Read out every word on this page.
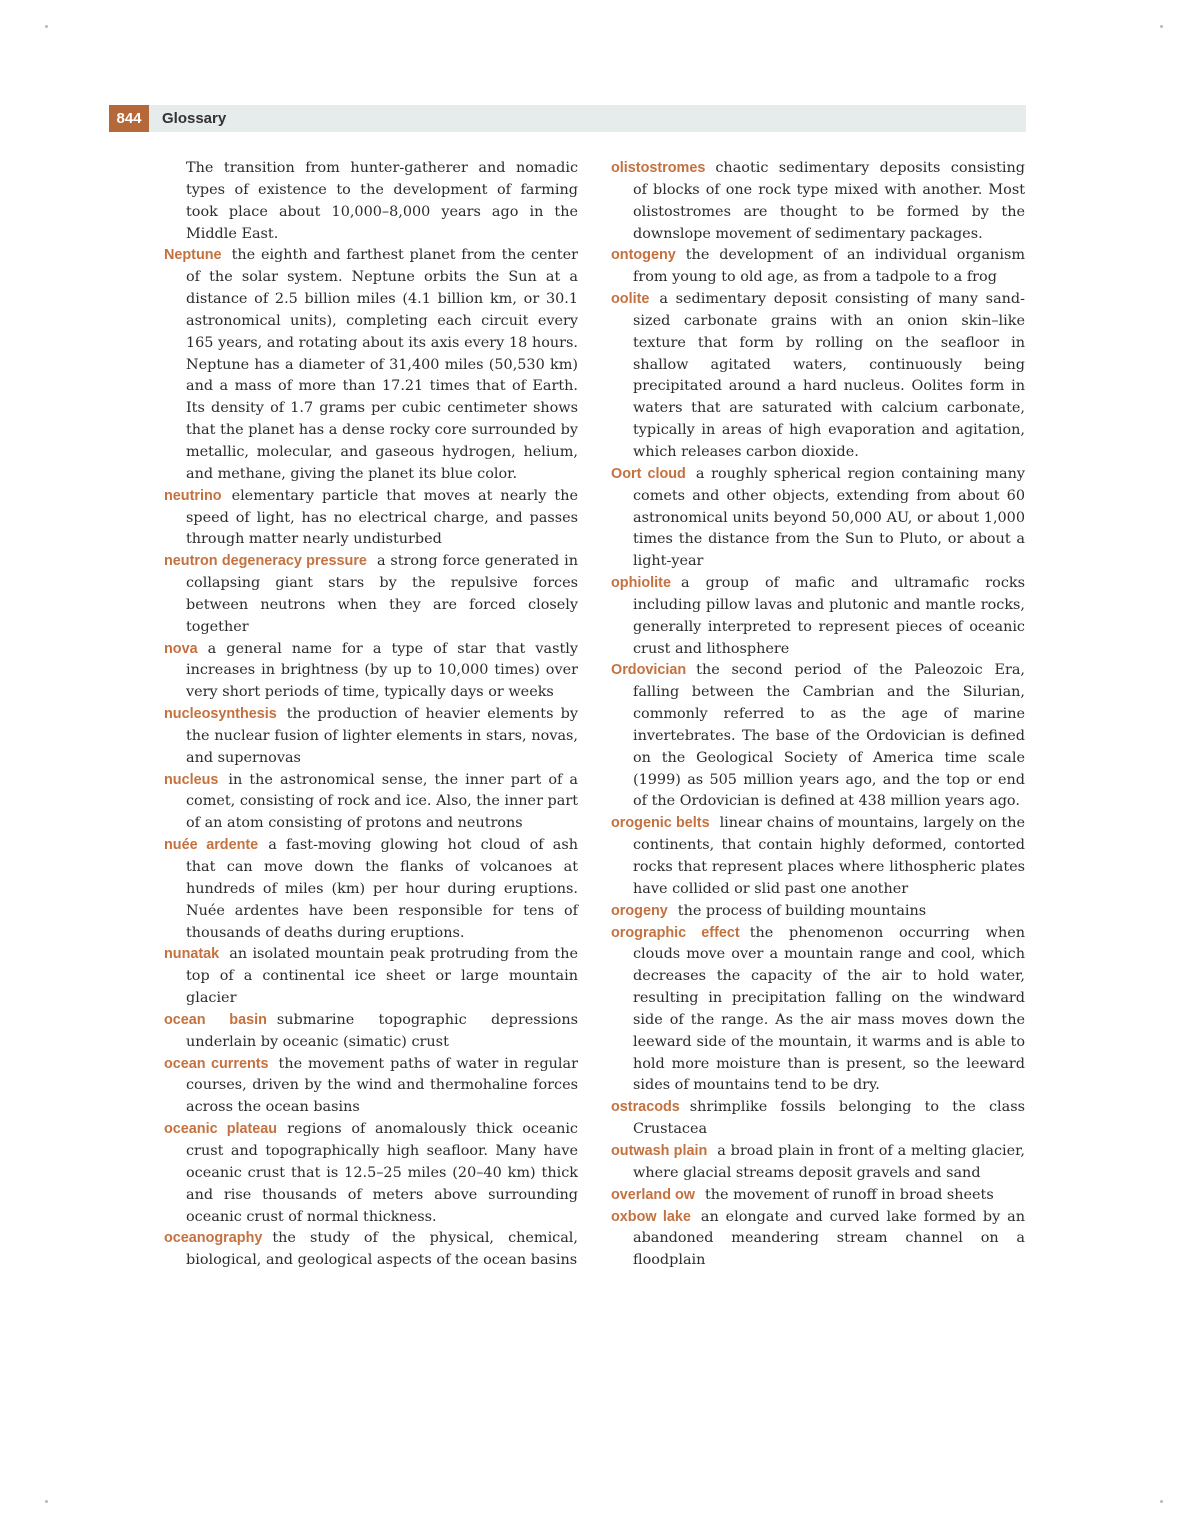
844	Glossary

The transition from hunter-gatherer and nomadic types of existence to the development of farming took place about 10,000–8,000 years ago in the Middle East.

Neptune the eighth and farthest planet from the center of the solar system. Neptune orbits the Sun at a distance of 2.5 billion miles (4.1 billion km, or 30.1 astronomical units), completing each circuit every 165 years, and rotating about its axis every 18 hours. Neptune has a diameter of 31,400 miles (50,530 km) and a mass of more than 17.21 times that of Earth. Its density of 1.7 grams per cubic centimeter shows that the planet has a dense rocky core surrounded by metallic, molecular, and gaseous hydrogen, helium, and methane, giving the planet its blue color.

neutrino elementary particle that moves at nearly the speed of light, has no electrical charge, and passes through matter nearly undisturbed

neutron degeneracy pressure a strong force generated in collapsing giant stars by the repulsive forces between neutrons when they are forced closely together

nova a general name for a type of star that vastly increases in brightness (by up to 10,000 times) over very short periods of time, typically days or weeks

nucleosynthesis the production of heavier elements by the nuclear fusion of lighter elements in stars, novas, and supernovas

nucleus in the astronomical sense, the inner part of a comet, consisting of rock and ice. Also, the inner part of an atom consisting of protons and neutrons

nuée ardente a fast-moving glowing hot cloud of ash that can move down the flanks of volcanoes at hundreds of miles (km) per hour during eruptions. Nuée ardentes have been responsible for tens of thousands of deaths during eruptions.

nunatak an isolated mountain peak protruding from the top of a continental ice sheet or large mountain glacier

ocean basin submarine topographic depressions underlain by oceanic (simatic) crust

ocean currents the movement paths of water in regular courses, driven by the wind and thermohaline forces across the ocean basins

oceanic plateau regions of anomalously thick oceanic crust and topographically high seafloor. Many have oceanic crust that is 12.5–25 miles (20–40 km) thick and rise thousands of meters above surrounding oceanic crust of normal thickness.

oceanography the study of the physical, chemical, biological, and geological aspects of the ocean basins

olistostromes chaotic sedimentary deposits consisting of blocks of one rock type mixed with another. Most olistostromes are thought to be formed by the downslope movement of sedimentary packages.

ontogeny the development of an individual organism from young to old age, as from a tadpole to a frog

oolite a sedimentary deposit consisting of many sand-sized carbonate grains with an onion skin–like texture that form by rolling on the seafloor in shallow agitated waters, continuously being precipitated around a hard nucleus. Oolites form in waters that are saturated with calcium carbonate, typically in areas of high evaporation and agitation, which releases carbon dioxide.

Oort cloud a roughly spherical region containing many comets and other objects, extending from about 60 astronomical units beyond 50,000 AU, or about 1,000 times the distance from the Sun to Pluto, or about a light-year

ophiolite a group of mafic and ultramafic rocks including pillow lavas and plutonic and mantle rocks, generally interpreted to represent pieces of oceanic crust and lithosphere

Ordovician the second period of the Paleozoic Era, falling between the Cambrian and the Silurian, commonly referred to as the age of marine invertebrates. The base of the Ordovician is defined on the Geological Society of America time scale (1999) as 505 million years ago, and the top or end of the Ordovician is defined at 438 million years ago.

orogenic belts linear chains of mountains, largely on the continents, that contain highly deformed, contorted rocks that represent places where lithospheric plates have collided or slid past one another

orogeny the process of building mountains

orographic effect the phenomenon occurring when clouds move over a mountain range and cool, which decreases the capacity of the air to hold water, resulting in precipitation falling on the windward side of the range. As the air mass moves down the leeward side of the mountain, it warms and is able to hold more moisture than is present, so the leeward sides of mountains tend to be dry.

ostracods shrimplike fossils belonging to the class Crustacea

outwash plain a broad plain in front of a melting glacier, where glacial streams deposit gravels and sand

overland ow the movement of runoff in broad sheets

oxbow lake an elongate and curved lake formed by an abandoned meandering stream channel on a floodplain
